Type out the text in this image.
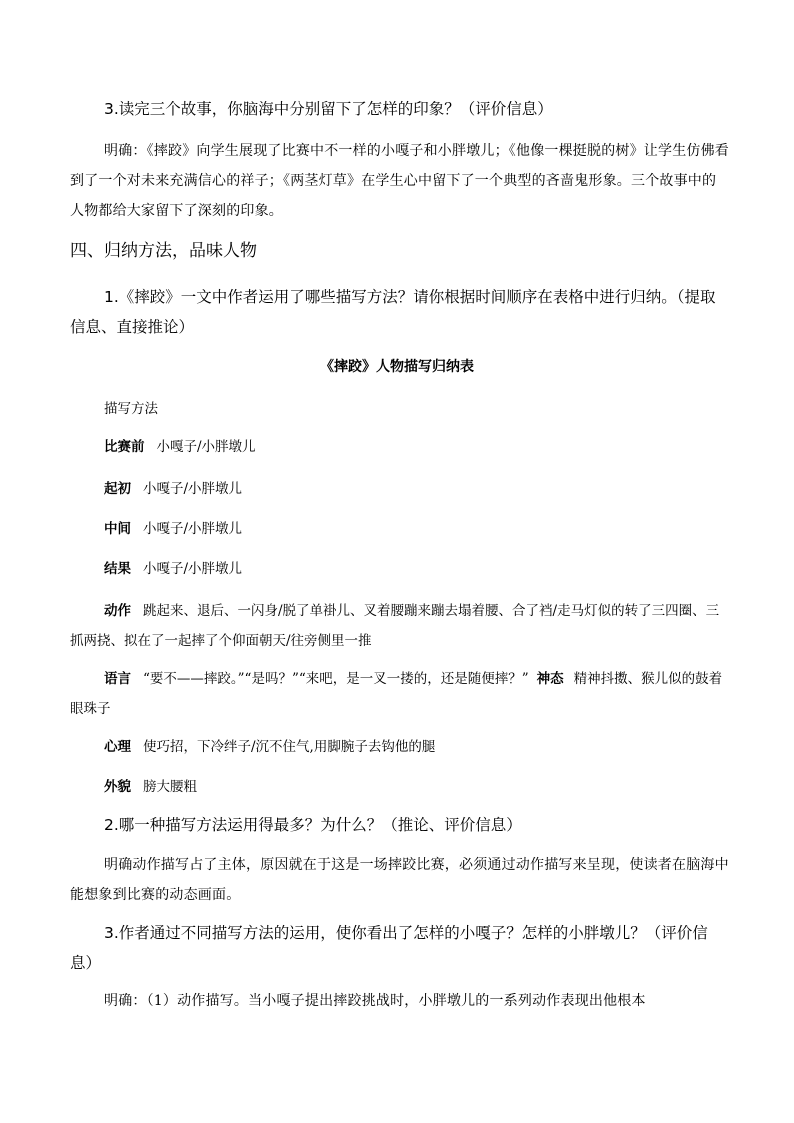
3.读完三个故事，你脑海中分别留下了怎样的印象？（评价信息）

明确：《摔跤》向学生展现了比赛中不一样的小嘎子和小胖墩儿；《他像一棵挺脱的树》让学生仿佛看到了一个对未来充满信心的祥子；《两茎灯草》在学生心中留下了一个典型的吝啬鬼形象。三个故事中的人物都给大家留下了深刻的印象。

四、归纳方法，品味人物

1.《摔跤》一文中作者运用了哪些描写方法？请你根据时间顺序在表格中进行归纳。（提取信息、直接推论）

《摔跤》人物描写归纳表

描写方法

比赛前 小嘎子/小胖墩儿

起初 小嘎子/小胖墩儿

中间 小嘎子/小胖墩儿

结果 小嘎子/小胖墩儿

动作 跳起来、退后、一闪身/脱了单褂儿、叉着腰蹦来蹦去塌着腰、合了裆/走马灯似的转了三四圈、三抓两挠、拟在了一起摔了个仰面朝天/往旁侧里一推

语言 “要不——摔跤。”“是吗？”“来吧，是一叉一搂的，还是随便摔？” 神态 精神抖擞、猴儿似的鼓着眼珠子

心理 使巧招，下冷绊子/沉不住气,用脚腕子去钩他的腿

外貌 膀大腰粗

2.哪一种描写方法运用得最多？为什么？（推论、评价信息）

明确动作描写占了主体，原因就在于这是一场摔跤比赛，必须通过动作描写来呈现，使读者在脑海中能想象到比赛的动态画面。

3.作者通过不同描写方法的运用，使你看出了怎样的小嘎子？怎样的小胖墩儿？（评价信息）

明确：（1）动作描写。当小嘎子提出摔跤挑战时，小胖墩儿的一系列动作表现出他根本
